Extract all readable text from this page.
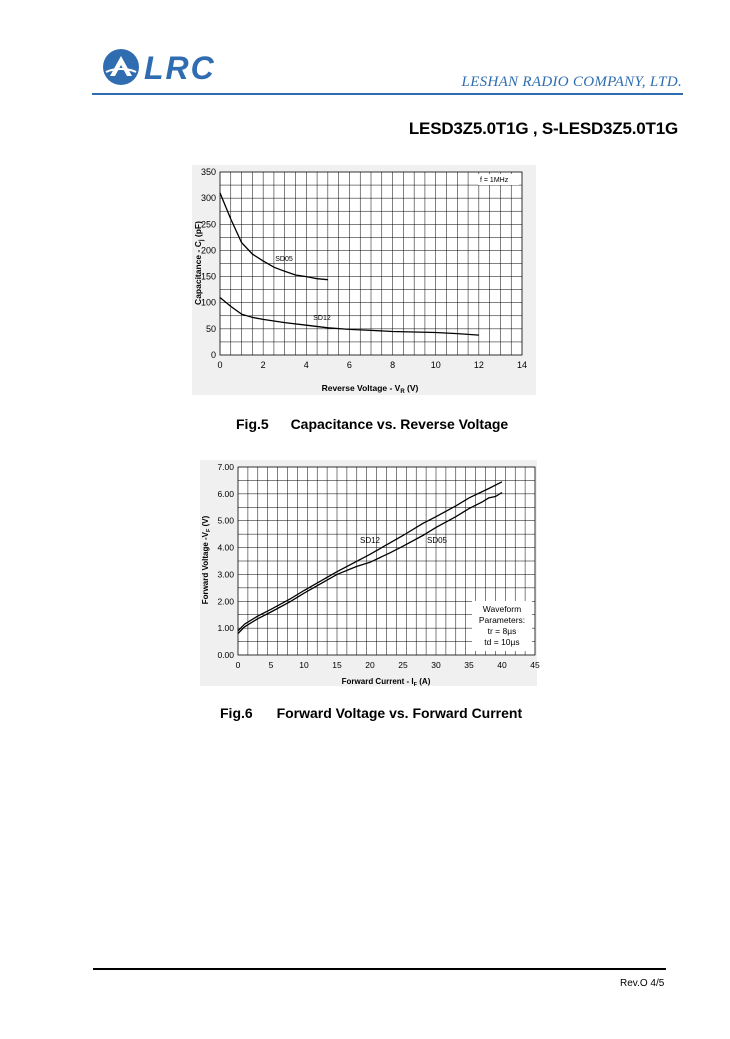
LRC	LESHAN RADIO COMPANY, LTD.
LESD3Z5.0T1G , S-LESD3Z5.0T1G
0	2	4	6	8	10	12	14
0
50
100
150
200
250
300
350
Reverse Voltage - $V_R$ (V)
Capacitance - $C_j$ (pF)
SD05
SD12
f = 1MHz
Fig.5 Capacitance vs. Reverse Voltage
0	5	10	15	20	25	30	35	40	45
0.00
1.00
2.00
3.00
4.00
5.00
6.00
7.00
Forward Current - $I_F$ (A)
Forward Voltage $-V_F$ (V)
SD12	SD05
Waveform
Parameters:
tr = 8µs
td = 10µs
Fig.6 Forward Voltage vs. Forward Current
Rev.O 4/5
